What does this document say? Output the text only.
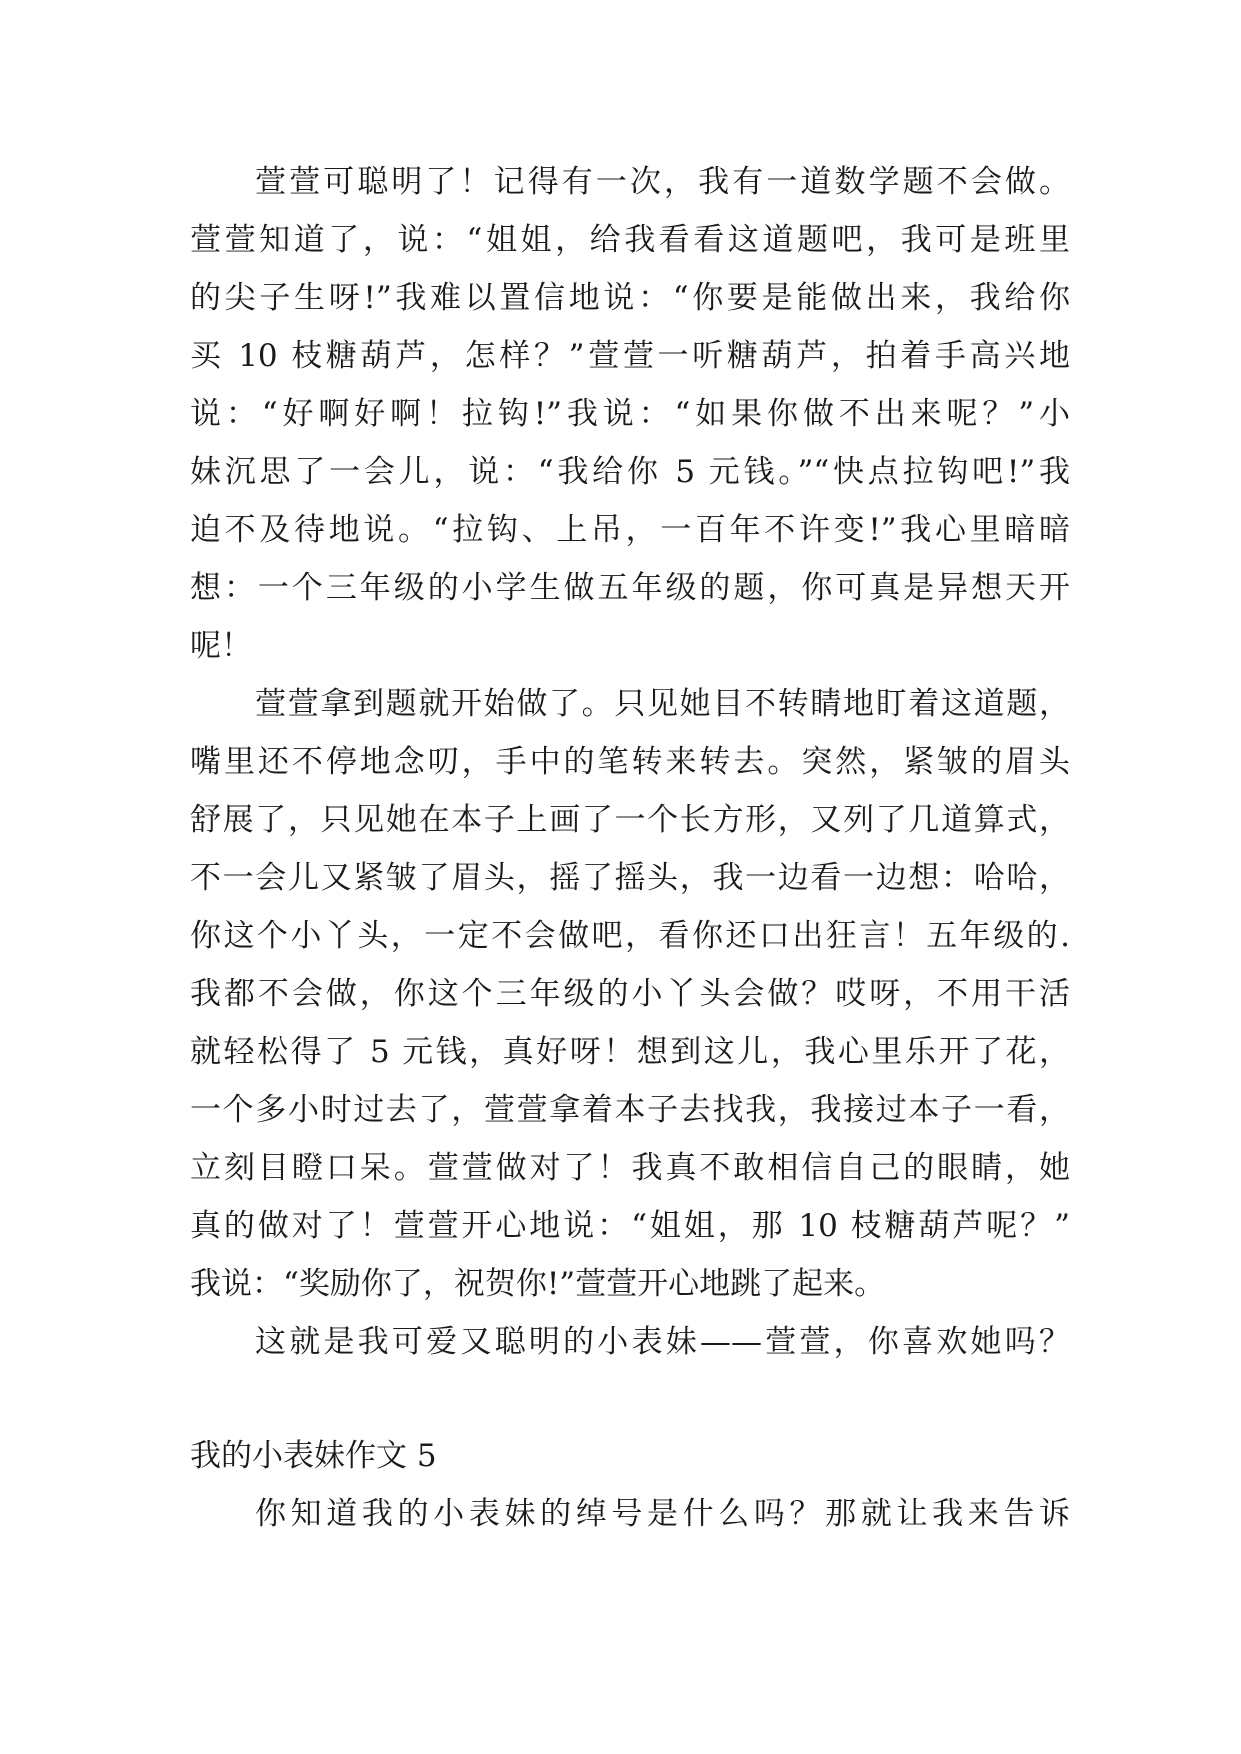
萱萱可聪明了！记得有一次，我有一道数学题不会做。
萱萱知道了，说：“姐姐，给我看看这道题吧，我可是班里
的尖子生呀!”我难以置信地说：“你要是能做出来，我给你
买 10 枝糖葫芦，怎样？”萱萱一听糖葫芦，拍着手高兴地
说：“好啊好啊！拉钩!”我说：“如果你做不出来呢？”小
妹沉思了一会儿，说：“我给你 5 元钱。”“快点拉钩吧!”我
迫不及待地说。“拉钩、上吊，一百年不许变!”我心里暗暗
想：一个三年级的小学生做五年级的题，你可真是异想天开
呢！
萱萱拿到题就开始做了。只见她目不转睛地盯着这道题，
嘴里还不停地念叨，手中的笔转来转去。突然，紧皱的眉头
舒展了，只见她在本子上画了一个长方形，又列了几道算式，
不一会儿又紧皱了眉头，摇了摇头，我一边看一边想：哈哈，
你这个小丫头，一定不会做吧，看你还口出狂言！五年级的.
我都不会做，你这个三年级的小丫头会做？哎呀，不用干活
就轻松得了 5 元钱，真好呀！想到这儿，我心里乐开了花，
一个多小时过去了，萱萱拿着本子去找我，我接过本子一看，
立刻目瞪口呆。萱萱做对了！我真不敢相信自己的眼睛，她
真的做对了！萱萱开心地说：“姐姐，那 10 枝糖葫芦呢？”
我说：“奖励你了，祝贺你!”萱萱开心地跳了起来。
这就是我可爱又聪明的小表妹——萱萱，你喜欢她吗？
我的小表妹作文 5
你知道我的小表妹的绰号是什么吗？那就让我来告诉
